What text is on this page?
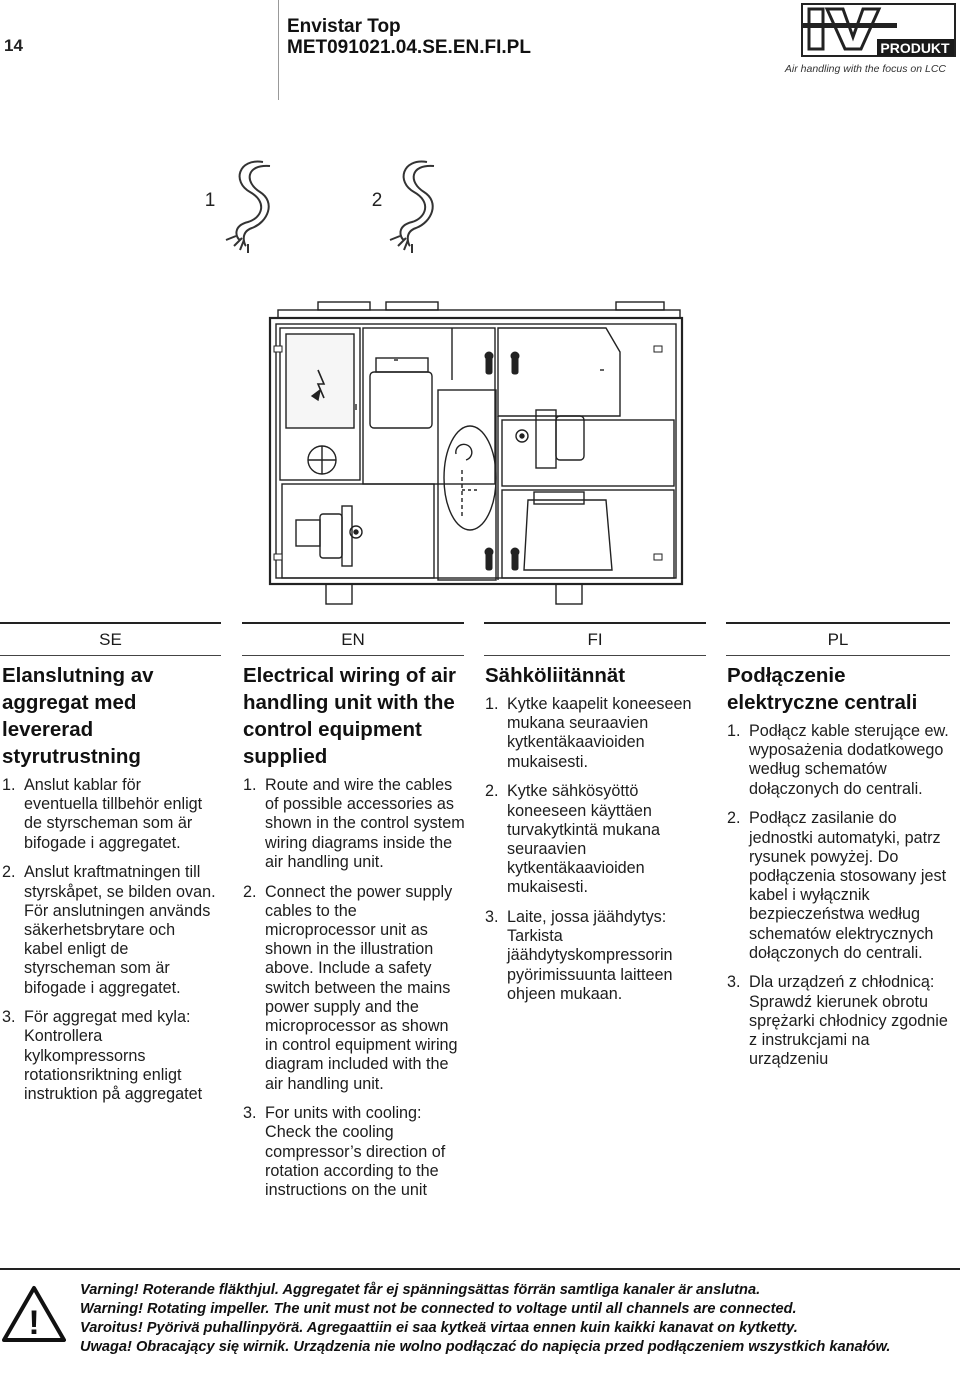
14
Envistar Top
MET091021.04.SE.EN.FI.PL	PRODUKT
Air handling with the focus on LCC
1	2
SE	EN	FI	PL
Elanslutning av aggregat med levererad styrutrustning
1. Anslut kablar för eventuella tillbehör enligt de styrscheman som är bifogade i aggregatet.
2. Anslut kraftmatningen till styrskåpet, se bilden ovan. För anslutningen används säkerhetsbrytare och kabel enligt de styrscheman som är bifogade i aggregatet.
3. För aggregat med kyla: Kontrollera kylkompressorns rotationsriktning enligt instruktion på aggregatet
Electrical wiring of air handling unit with the control equipment supplied
1. Route and wire the cables of possible accessories as shown in the control system wiring diagrams inside the air handling unit.
2. Connect the power supply cables to the microprocessor unit as shown in the illustration above. Include a safety switch between the mains power supply and the microprocessor as shown in control equipment wiring diagram included with the air handling unit.
3. For units with cooling: Check the cooling compressor’s direction of rotation according to the instructions on the unit
Sähköliitännät
1. Kytke kaapelit koneeseen mukana seuraavien kytkentäkaavioiden mukaisesti.
2. Kytke sähkösyöttö koneeseen käyttäen turvakytkintä mukana seuraavien kytkentäkaavioiden mukaisesti.
3. Laite, jossa jäähdytys: Tarkista jäähdytyskompressorin pyörimissuunta laitteen ohjeen mukaan.
Podłączenie elektryczne centrali
1. Podłącz kable sterujące ew. wyposażenia dodatkowego według schematów dołączonych do centrali.
2. Podłącz zasilanie do jednostki automatyki, patrz rysunek powyżej. Do podłączenia stosowany jest kabel i wyłącznik bezpieczeństwa według schematów elektrycznych dołączonych do centrali.
3. Dla urządzeń z chłodnicą: Sprawdź kierunek obrotu sprężarki chłodnicy zgodnie z instrukcjami na urządzeniu
!
Varning! Roterande fläkthjul. Aggregatet får ej spänningsättas förrän samtliga kanaler är anslutna.
Warning! Rotating impeller. The unit must not be connected to voltage until all channels are connected.
Varoitus! Pyörivä puhallinpyörä. Agregaattiin ei saa kytkeä virtaa ennen kuin kaikki kanavat on kytketty.
Uwaga! Obracający się wirnik. Urządzenia nie wolno podłączać do napięcia przed podłączeniem wszystkich kanałów.
